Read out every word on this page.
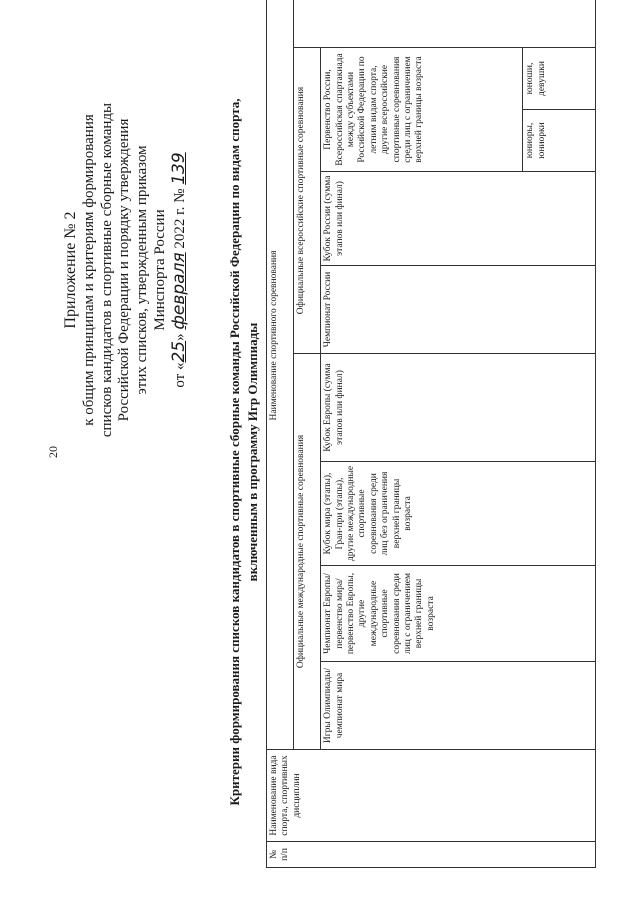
20
Приложение № 2 к общим принципам и критериям формирования списков кандидатов в спортивные сборные команды Российской Федерации и порядку утверждения этих списков, утвержденным приказом Минспорта России
от «25» февраля 2022 г. № 139	Критерии формирования списков кандидатов в спортивные сборные команды Российской Федерации по видам спорта, включенным в программу Игр Олимпиады
№ п/п	Наименование вида спорта, спортивных дисциплин	Наименование спортивного соревнования								
		Официальные международные спортивные соревнования				Официальные всероссийские спортивные соревнования				
		Игры Олимпиады/ чемпионат мира	Чемпионат Европы/ первенство мира/ первенство Европы, другие международные спортивные соревнования среди лиц с ограничением верхней границы возраста	Кубок мира (этапы), Гран-при (этапы), другие международные спортивные соревнования среди лиц без ограничения верхней границы возраста	Кубок Европы (сумма этапов или финал)	Чемпионат России	Кубок России (сумма этапов или финал)	Первенство России, Всероссийская спартакиада между субъектами Российской Федерации по летним видам спорта, другие всероссийские спортивные соревнования среди лиц с ограничением верхней границы возраста		
								юниоры, юниорки	юноши, девушки	
